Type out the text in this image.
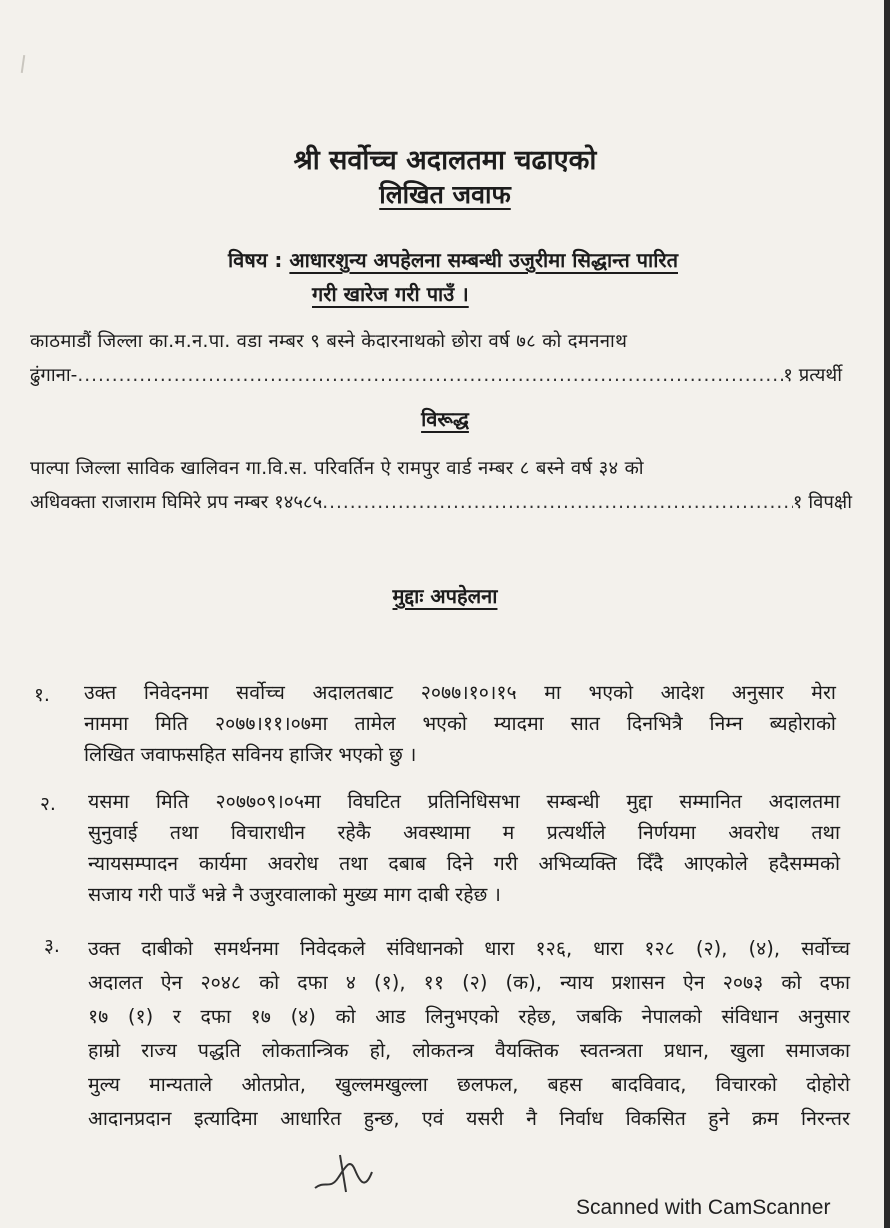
श्री सर्वोच्च अदालतमा चढाएको
लिखित जवाफ
विषय : आधारशुन्य अपहेलना सम्बन्धी उजुरीमा सिद्धान्त पारित
गरी खारेज गरी पाउँ ।
काठमाडौं जिल्ला का.म.न.पा. वडा नम्बर ९ बस्ने केदारनाथको छोरा वर्ष ७८ को दमननाथ
ढुंगाना- .....	१ प्रत्यर्थी
विरूद्ध
पाल्पा जिल्ला साविक खालिवन गा.वि.स. परिवर्तिन ऐ रामपुर वार्ड नम्बर ८ बस्ने वर्ष ३४ को
अधिवक्ता राजाराम घिमिरे प्रप नम्बर १४५८५ .....	१ विपक्षी
मुद्दाः अपहेलना
१. उक्त निवेदनमा सर्वोच्च अदालतबाट २०७७।१०।१५ मा भएको आदेश अनुसार मेरा
नाममा मिति २०७७।११।०७मा तामेल भएको म्यादमा सात दिनभित्रै निम्न ब्यहोराको
लिखित जवाफसहित सविनय हाजिर भएको छु ।
२. यसमा मिति २०७७०९।०५मा विघटित प्रतिनिधिसभा सम्बन्धी मुद्दा सम्मानित अदालतमा
सुनुवाई तथा विचाराधीन रहेकै अवस्थामा म प्रत्यर्थीले निर्णयमा अवरोध तथा
न्यायसम्पादन कार्यमा अवरोध तथा दबाब दिने गरी अभिव्यक्ति दिँदै आएकोले हदैसम्मको
सजाय गरी पाउँ भन्ने नै उजुरवालाको मुख्य माग दाबी रहेछ ।
३. उक्त दाबीको समर्थनमा निवेदकले संविधानको धारा १२६, धारा १२८ (२), (४), सर्वोच्च
अदालत ऐन २०४८ को दफा ४ (१), ११ (२) (क), न्याय प्रशासन ऐन २०७३ को दफा
१७ (१) र दफा १७ (४) को आड लिनुभएको रहेछ, जबकि नेपालको संविधान अनुसार
हाम्रो राज्य पद्धति लोकतान्त्रिक हो, लोकतन्त्र वैयक्तिक स्वतन्त्रता प्रधान, खुला समाजका
मुल्य मान्यताले ओतप्रोत, खुल्लमखुल्ला छलफल, बहस बादविवाद, विचारको दोहोरो
आदानप्रदान इत्यादिमा आधारित हुन्छ, एवं यसरी नै निर्वाध विकसित हुने क्रम निरन्तर
Scanned with CamScanner
